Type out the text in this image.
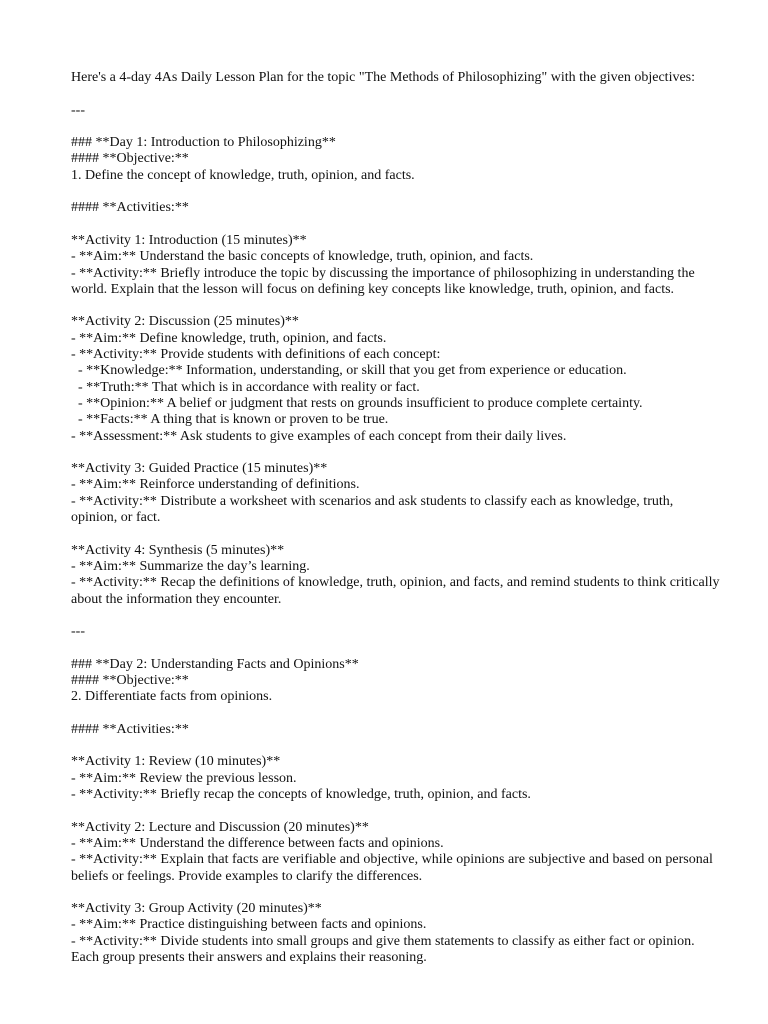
Here's a 4-day 4As Daily Lesson Plan for the topic "The Methods of Philosophizing" with the given objectives:
---
### **Day 1: Introduction to Philosophizing**
#### **Objective:**
1. Define the concept of knowledge, truth, opinion, and facts.
#### **Activities:**
**Activity 1: Introduction (15 minutes)**
- **Aim:** Understand the basic concepts of knowledge, truth, opinion, and facts.
- **Activity:** Briefly introduce the topic by discussing the importance of philosophizing in understanding the world. Explain that the lesson will focus on defining key concepts like knowledge, truth, opinion, and facts.
**Activity 2: Discussion (25 minutes)**
- **Aim:** Define knowledge, truth, opinion, and facts.
- **Activity:** Provide students with definitions of each concept:
- **Knowledge:** Information, understanding, or skill that you get from experience or education.
- **Truth:** That which is in accordance with reality or fact.
- **Opinion:** A belief or judgment that rests on grounds insufficient to produce complete certainty.
- **Facts:** A thing that is known or proven to be true.
- **Assessment:** Ask students to give examples of each concept from their daily lives.
**Activity 3: Guided Practice (15 minutes)**
- **Aim:** Reinforce understanding of definitions.
- **Activity:** Distribute a worksheet with scenarios and ask students to classify each as knowledge, truth, opinion, or fact.
**Activity 4: Synthesis (5 minutes)**
- **Aim:** Summarize the day’s learning.
- **Activity:** Recap the definitions of knowledge, truth, opinion, and facts, and remind students to think critically about the information they encounter.
---
### **Day 2: Understanding Facts and Opinions**
#### **Objective:**
2. Differentiate facts from opinions.
#### **Activities:**
**Activity 1: Review (10 minutes)**
- **Aim:** Review the previous lesson.
- **Activity:** Briefly recap the concepts of knowledge, truth, opinion, and facts.
**Activity 2: Lecture and Discussion (20 minutes)**
- **Aim:** Understand the difference between facts and opinions.
- **Activity:** Explain that facts are verifiable and objective, while opinions are subjective and based on personal beliefs or feelings. Provide examples to clarify the differences.
**Activity 3: Group Activity (20 minutes)**
- **Aim:** Practice distinguishing between facts and opinions.
- **Activity:** Divide students into small groups and give them statements to classify as either fact or opinion. Each group presents their answers and explains their reasoning.
